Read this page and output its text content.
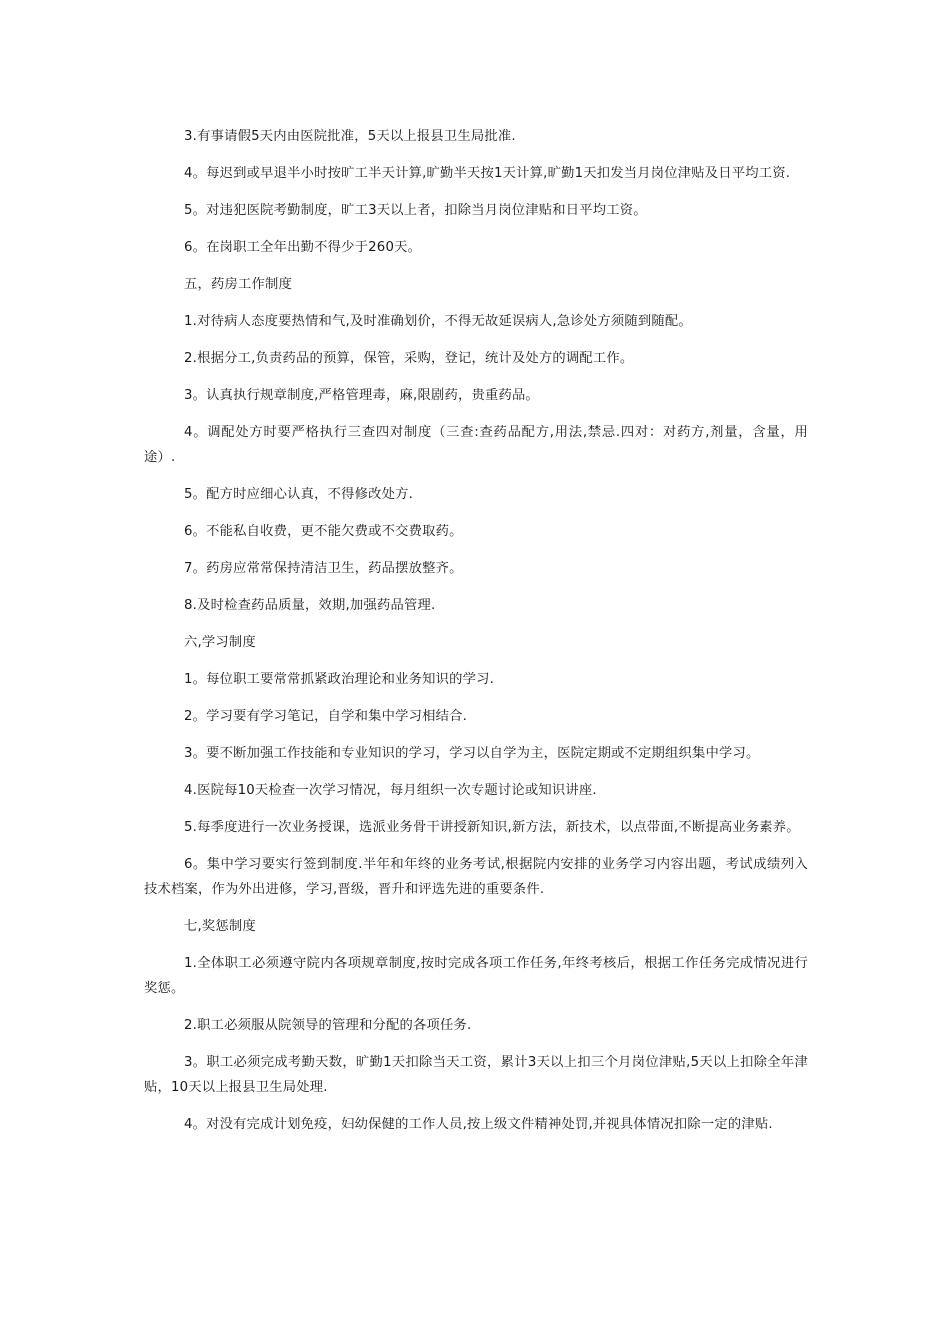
3.有事请假5天内由医院批准，5天以上报县卫生局批准.

4。每迟到或早退半小时按旷工半天计算,旷勤半天按1天计算,旷勤1天扣发当月岗位津贴及日平均工资.

5。对违犯医院考勤制度，旷工3天以上者，扣除当月岗位津贴和日平均工资。

6。在岗职工全年出勤不得少于260天。

五，药房工作制度

1.对待病人态度要热情和气,及时准确划价，不得无故延误病人,急诊处方须随到随配。

2.根据分工,负责药品的预算，保管，采购，登记，统计及处方的调配工作。

3。认真执行规章制度,严格管理毒，麻,限剧药，贵重药品。

4。调配处方时要严格执行三查四对制度（三查:查药品配方,用法,禁忌.四对：对药方,剂量，含量，用途）.

5。配方时应细心认真，不得修改处方.

6。不能私自收费，更不能欠费或不交费取药。

7。药房应常常保持清洁卫生，药品摆放整齐。

8.及时检查药品质量，效期,加强药品管理.

六,学习制度

1。每位职工要常常抓紧政治理论和业务知识的学习.

2。学习要有学习笔记，自学和集中学习相结合.

3。要不断加强工作技能和专业知识的学习，学习以自学为主，医院定期或不定期组织集中学习。

4.医院每10天检查一次学习情况，每月组织一次专题讨论或知识讲座.

5.每季度进行一次业务授课，选派业务骨干讲授新知识,新方法，新技术，以点带面,不断提高业务素养。

6。集中学习要实行签到制度.半年和年终的业务考试,根据院内安排的业务学习内容出题，考试成绩列入技术档案，作为外出进修，学习,晋级，晋升和评选先进的重要条件.

七,奖惩制度

1.全体职工必须遵守院内各项规章制度,按时完成各项工作任务,年终考核后，根据工作任务完成情况进行奖惩。

2.职工必须服从院领导的管理和分配的各项任务.

3。职工必须完成考勤天数，旷勤1天扣除当天工资，累计3天以上扣三个月岗位津贴,5天以上扣除全年津贴，10天以上报县卫生局处理.

4。对没有完成计划免疫，妇幼保健的工作人员,按上级文件精神处罚,并视具体情况扣除一定的津贴.
